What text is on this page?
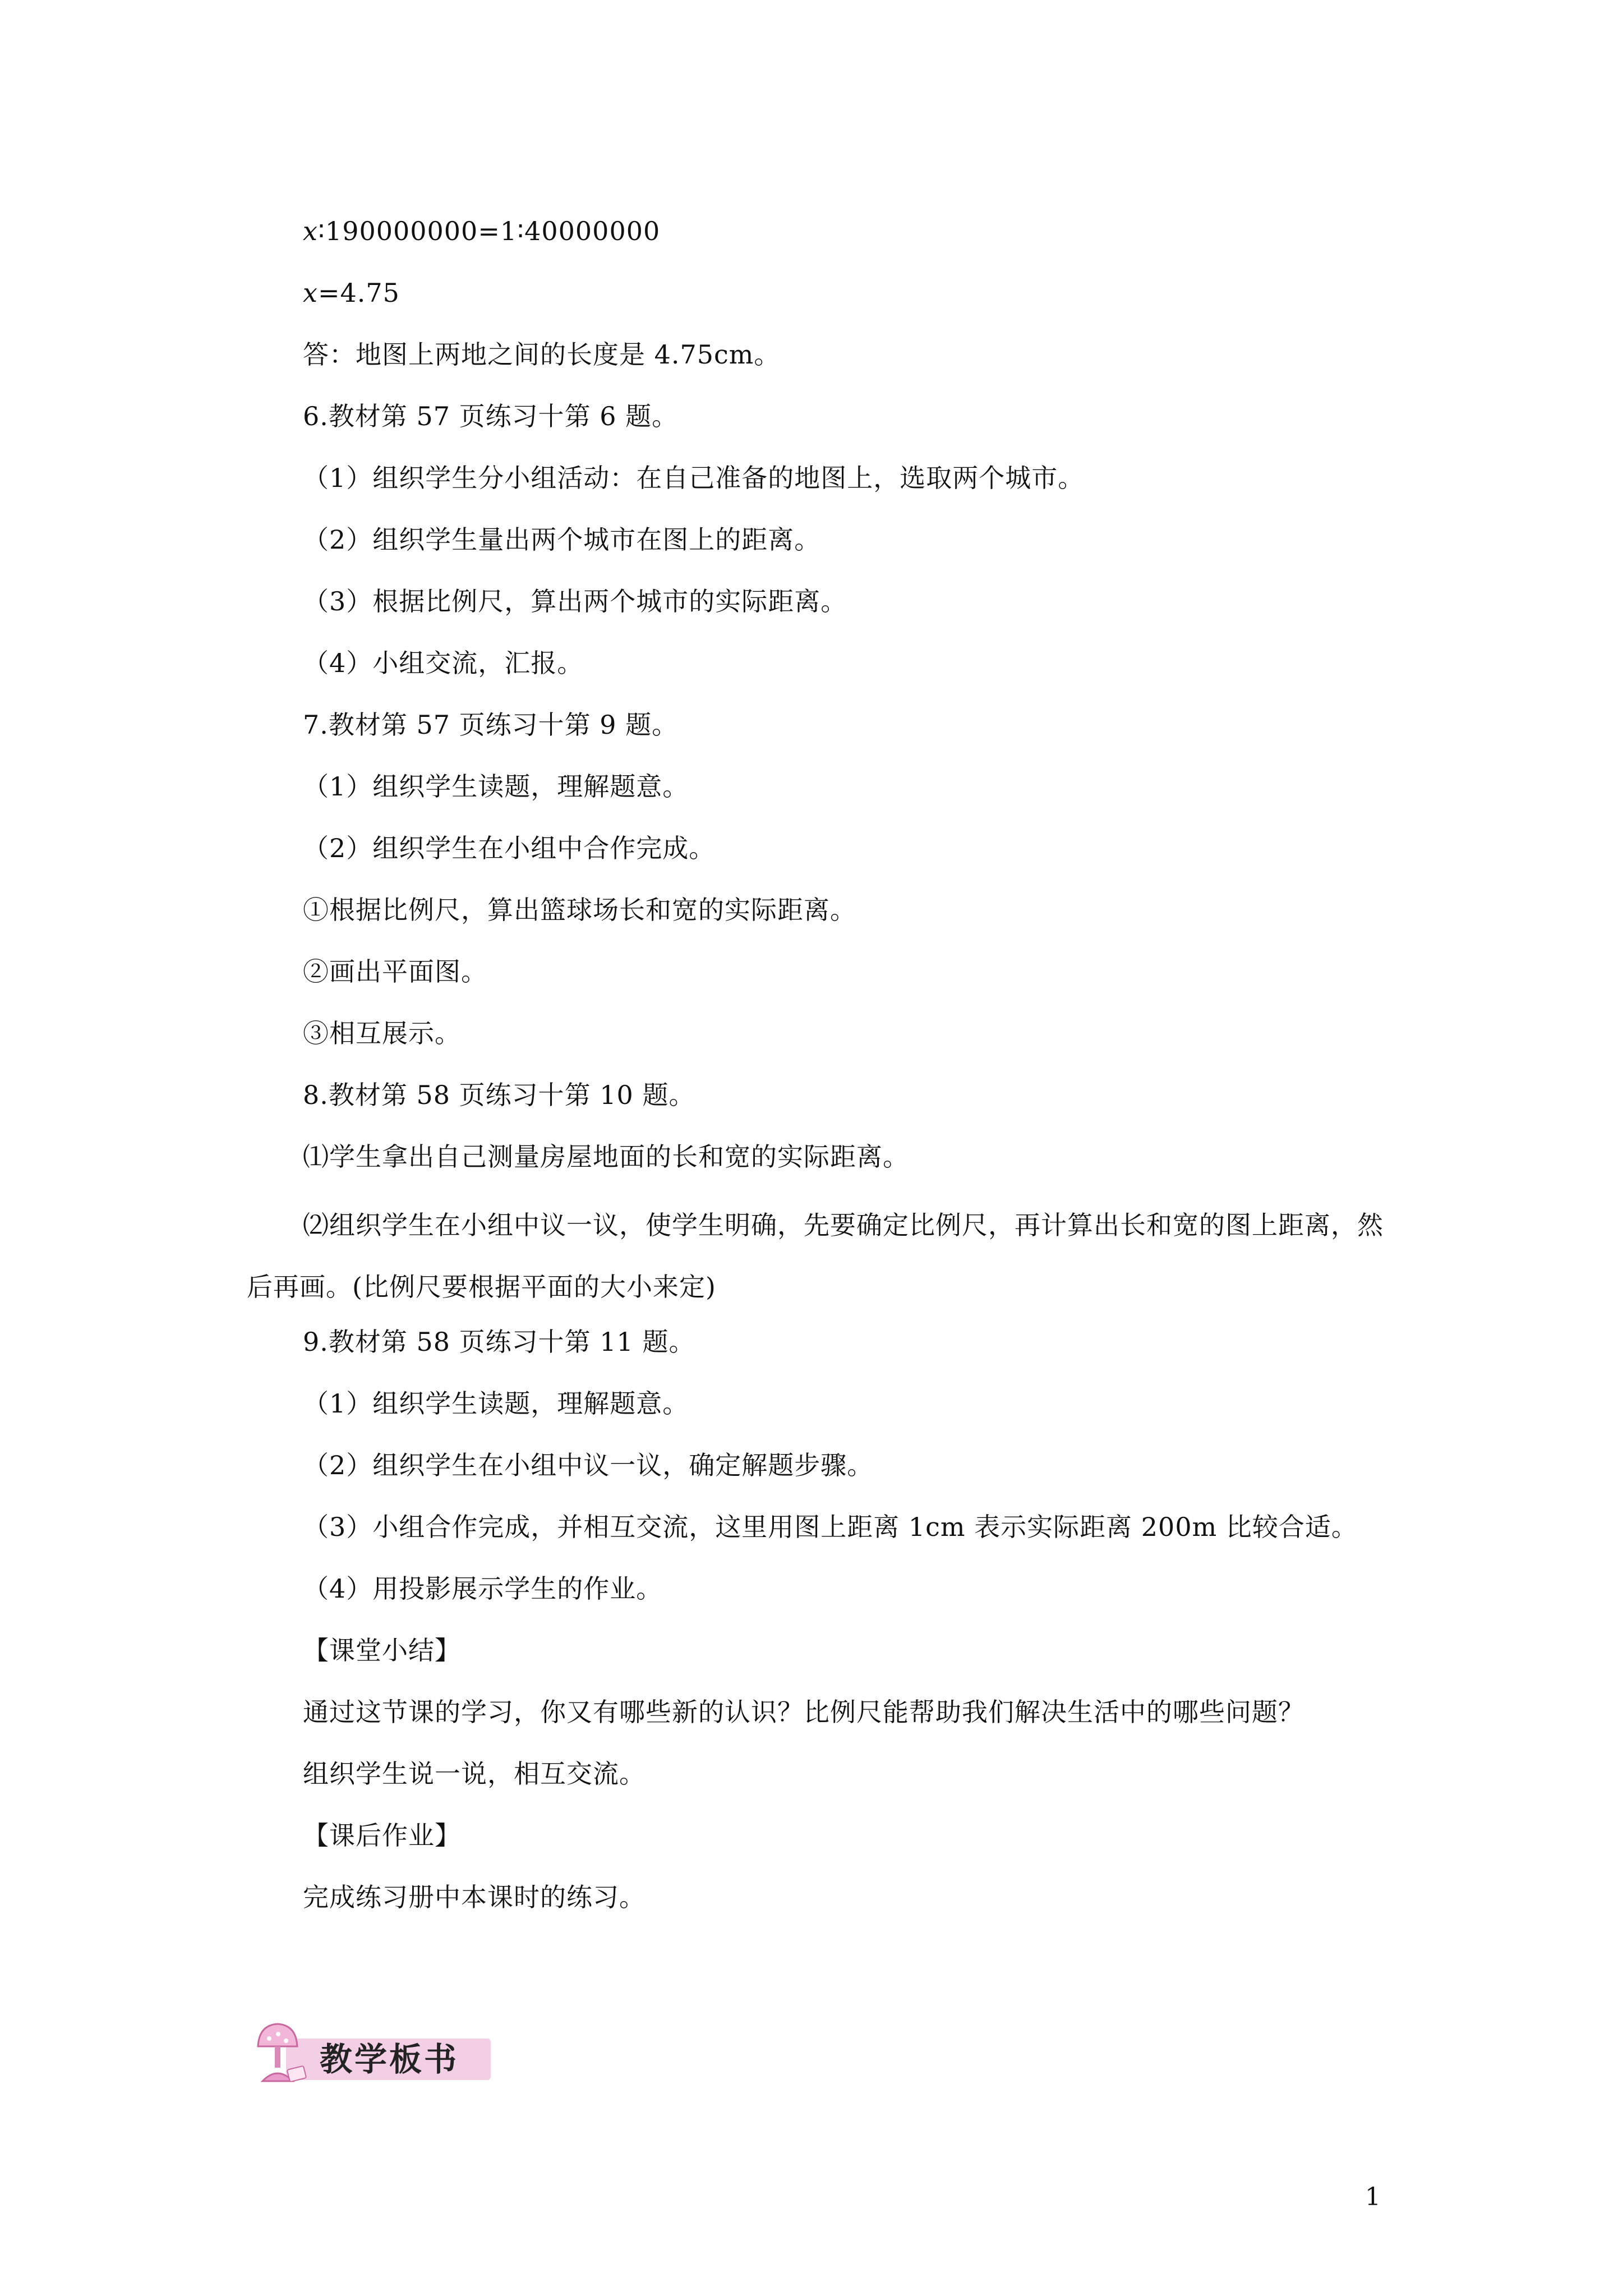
x∶190000000=1∶40000000
x=4.75
答：地图上两地之间的长度是 4.75cm。
6.教材第 57 页练习十第 6 题。
（1）组织学生分小组活动：在自己准备的地图上，选取两个城市。
（2）组织学生量出两个城市在图上的距离。
（3）根据比例尺，算出两个城市的实际距离。
（4）小组交流，汇报。
7.教材第 57 页练习十第 9 题。
（1）组织学生读题，理解题意。
（2）组织学生在小组中合作完成。
①根据比例尺，算出篮球场长和宽的实际距离。
②画出平面图。
③相互展示。
8.教材第 58 页练习十第 10 题。
⑴学生拿出自己测量房屋地面的长和宽的实际距离。
⑵组织学生在小组中议一议，使学生明确，先要确定比例尺，再计算出长和宽的图上距离，然后再画。(比例尺要根据平面的大小来定)
9.教材第 58 页练习十第 11 题。
（1）组织学生读题，理解题意。
（2）组织学生在小组中议一议，确定解题步骤。
（3）小组合作完成，并相互交流，这里用图上距离 1cm 表示实际距离 200m 比较合适。
（4）用投影展示学生的作业。
【课堂小结】
通过这节课的学习，你又有哪些新的认识？比例尺能帮助我们解决生活中的哪些问题？
组织学生说一说，相互交流。
【课后作业】
完成练习册中本课时的练习。
教学板书
1
